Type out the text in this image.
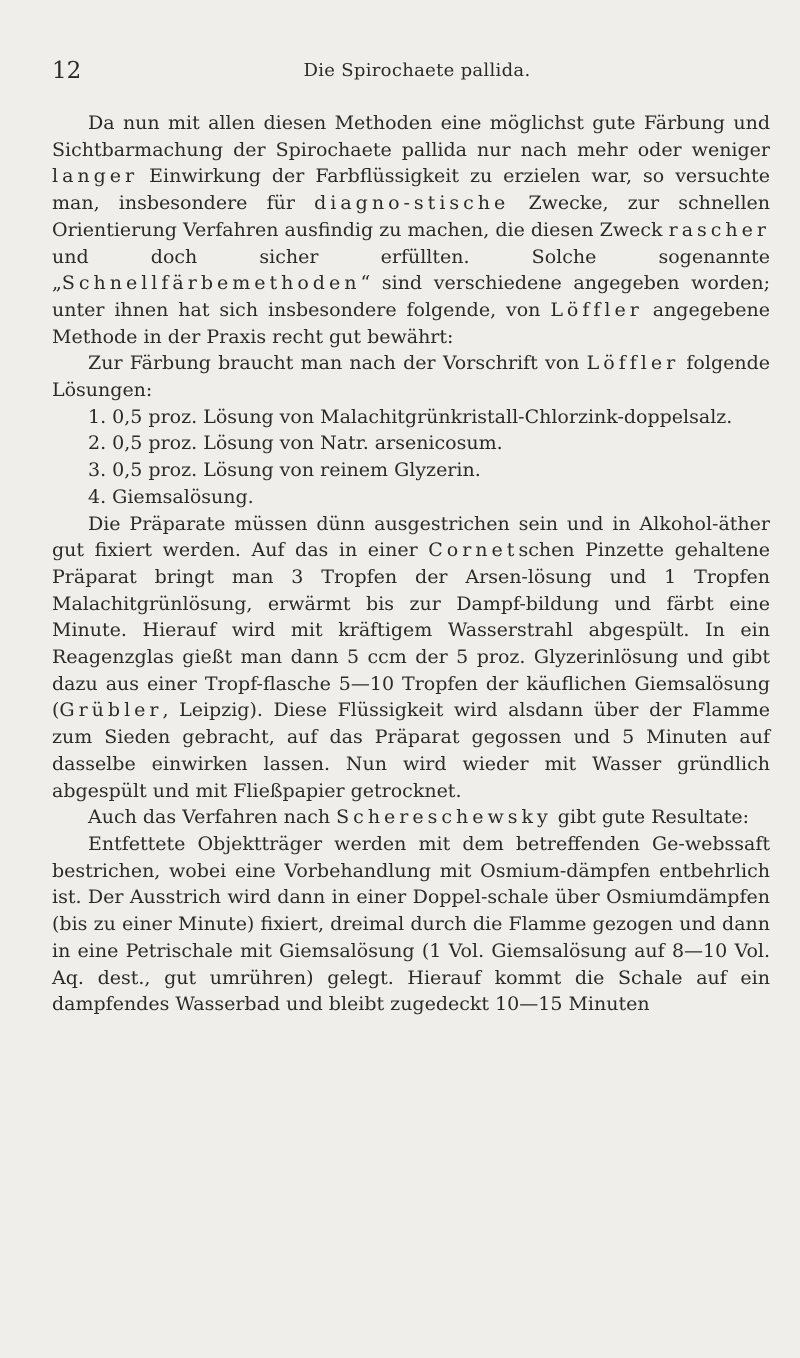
12	Die Spirochaete pallida.

Da nun mit allen diesen Methoden eine möglichst gute Färbung und Sichtbarmachung der Spirochaete pallida nur nach mehr oder weniger langer Einwirkung der Farbflüssigkeit zu erzielen war, so versuchte man, insbesondere für diagno-stische Zwecke, zur schnellen Orientierung Verfahren ausfindig zu machen, die diesen Zweck rascher und doch sicher erfüllten. Solche sogenannte „Schnellfärbemethoden“ sind verschiedene angegeben worden; unter ihnen hat sich insbesondere folgende, von Löffler angegebene Methode in der Praxis recht gut bewährt:

Zur Färbung braucht man nach der Vorschrift von Löffler folgende Lösungen:

1. 0,5 proz. Lösung von Malachitgrünkristall-Chlorzink-doppelsalz.

2. 0,5 proz. Lösung von Natr. arsenicosum.

3. 0,5 proz. Lösung von reinem Glyzerin.

4. Giemsalösung.

Die Präparate müssen dünn ausgestrichen sein und in Alkohol-äther gut fixiert werden. Auf das in einer Cornetschen Pinzette gehaltene Präparat bringt man 3 Tropfen der Arsen-lösung und 1 Tropfen Malachitgrünlösung, erwärmt bis zur Dampf-bildung und färbt eine Minute. Hierauf wird mit kräftigem Wasserstrahl abgespült. In ein Reagenzglas gießt man dann 5 ccm der 5 proz. Glyzerinlösung und gibt dazu aus einer Tropf-flasche 5—10 Tropfen der käuflichen Giemsalösung (Grübler, Leipzig). Diese Flüssigkeit wird alsdann über der Flamme zum Sieden gebracht, auf das Präparat gegossen und 5 Minuten auf dasselbe einwirken lassen. Nun wird wieder mit Wasser gründlich abgespült und mit Fließpapier getrocknet.

Auch das Verfahren nach Schereschewsky gibt gute Resultate:

Entfettete Objektträger werden mit dem betreffenden Ge-webssaft bestrichen, wobei eine Vorbehandlung mit Osmium-dämpfen entbehrlich ist. Der Ausstrich wird dann in einer Doppel-schale über Osmiumdämpfen (bis zu einer Minute) fixiert, dreimal durch die Flamme gezogen und dann in eine Petrischale mit Giemsalösung (1 Vol. Giemsalösung auf 8—10 Vol. Aq. dest., gut umrühren) gelegt. Hierauf kommt die Schale auf ein dampfendes Wasserbad und bleibt zugedeckt 10—15 Minuten
